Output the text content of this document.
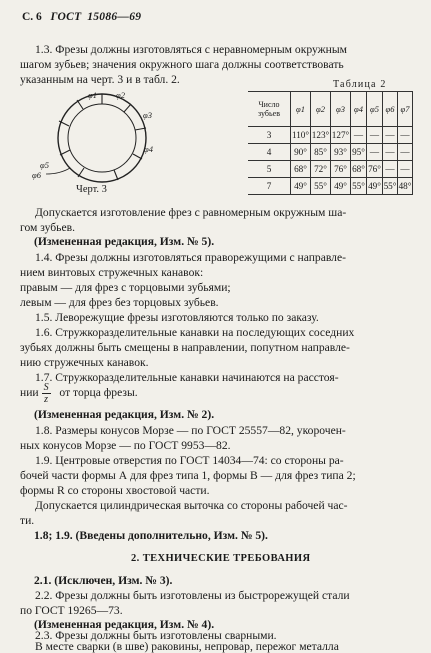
С. 6 ГОСТ 15086—69
1.3. Фрезы должны изготовляться с неравномерным окружным
шагом зубьев; значения окружного шага должны соответствовать
указанным на черт. 3 и в табл. 2.
φ1 φ2
φ3
φ4
φ5
φ6
Черт. 3
Таблица 2
Число
зубьев	φ1	φ2	φ3	φ4	φ5	φ6	φ7
3	110°	123°	127°	—	—	—	—
4	90°	85°	93°	95°	—	—	—
5	68°	72°	76°	68°	76°	—	—
7	49°	55°	49°	55°	49°	55°	48°
Допускается изготовление фрез с равномерным окружным ша-
гом зубьев.
(Измененная редакция, Изм. № 5).
1.4. Фрезы должны изготовляться праворежущими с направле-
нием винтовых стружечных канавок:
правым — для фрез с торцовыми зубьями;
левым — для фрез без торцовых зубьев.
1.5. Леворежущие фрезы изготовляются только по заказу.
1.6. Стружкоразделительные канавки на последующих соседних
зубьях должны быть смещены в направлении, попутном направле-
нию стружечных канавок.
1.7. Стружкоразделительные канавки начинаются на расстоя-
нии $\frac{S}{z}$ от торца фрезы.
(Измененная редакция, Изм. № 2).
1.8. Размеры конусов Морзе — по ГОСТ 25557—82, укорочен-
ных конусов Морзе — по ГОСТ 9953—82.
1.9. Центровые отверстия по ГОСТ 14034—74: со стороны ра-
бочей части формы А для фрез типа 1, формы В — для фрез типа 2;
формы R со стороны хвостовой части.
Допускается цилиндрическая выточка со стороны рабочей час-
ти.
1.8; 1.9. (Введены дополнительно, Изм. № 5).
2. ТЕХНИЧЕСКИЕ ТРЕБОВАНИЯ
2.1. (Исключен, Изм. № 3).
2.2. Фрезы должны быть изготовлены из быстрорежущей стали
по ГОСТ 19265—73.
(Измененная редакция, Изм. № 4).
2.3. Фрезы должны быть изготовлены сварными.
В месте сварки (в шве) раковины, непровар, пережог металла
